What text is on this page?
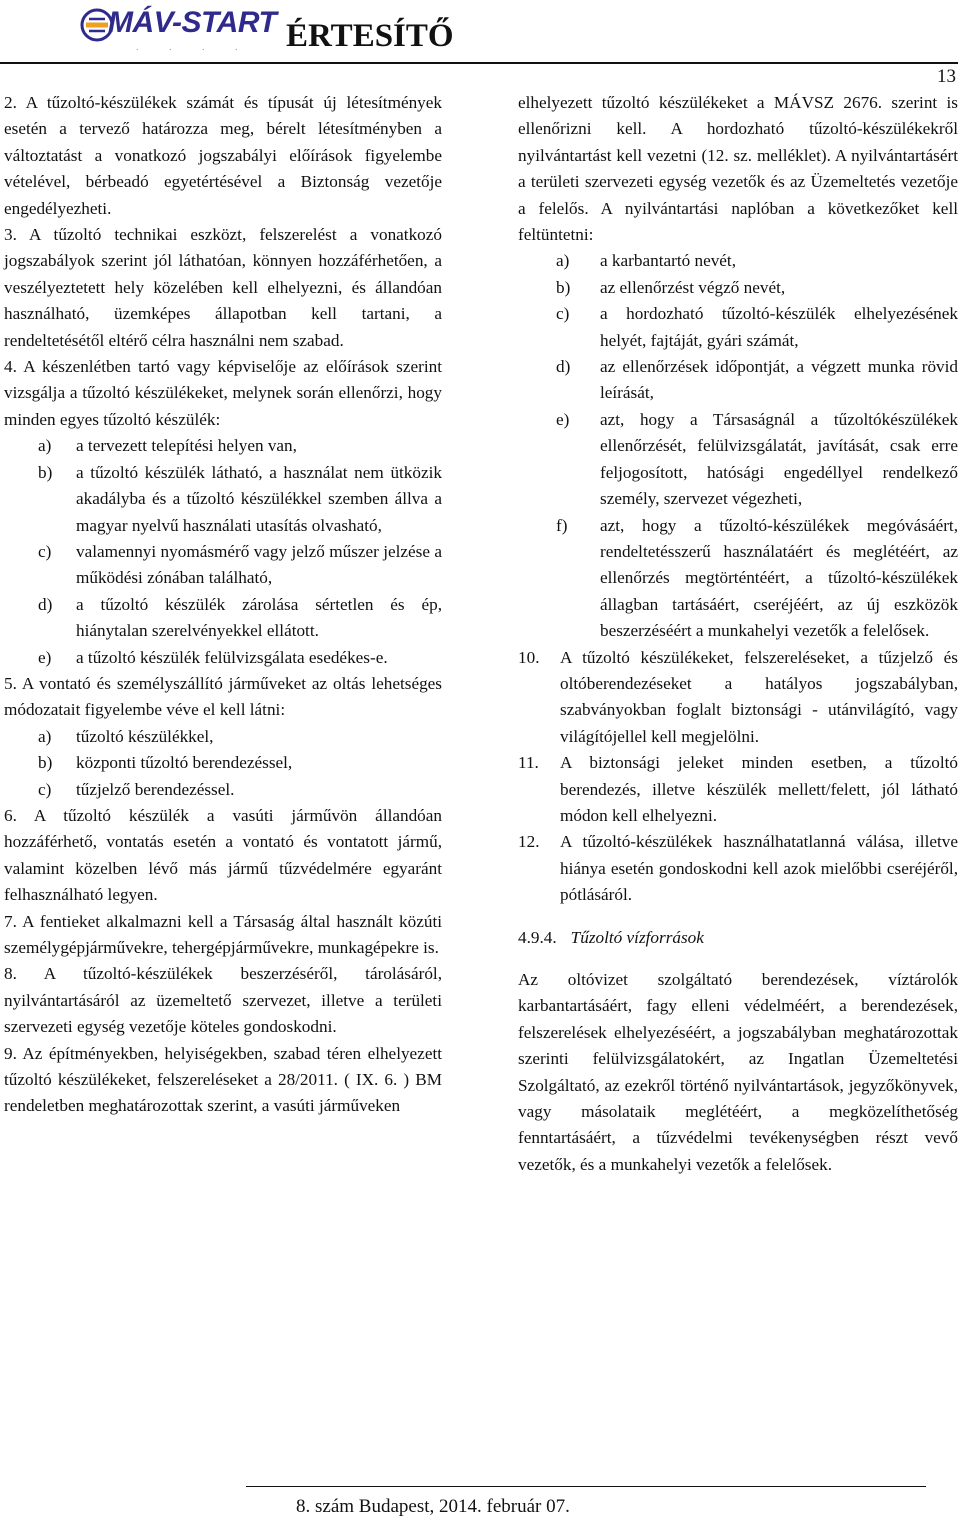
MÁV-START
. . . . ÉRTESÍTŐ
13

2. A tűzoltó-készülékek számát és típusát új létesítmények esetén a tervező határozza meg, bérelt létesítményben a változtatást a vonatkozó jogszabályi előírások figyelembe vételével, bérbeadó egyetértésével a Biztonság vezetője engedélyezheti.

3. A tűzoltó technikai eszközt, felszerelést a vonatkozó jogszabályok szerint jól láthatóan, könnyen hozzáférhetően, a veszélyeztetett hely közelében kell elhelyezni, és állandóan használható, üzemképes állapotban kell tartani, a rendeltetésétől eltérő célra használni nem szabad.

4. A készenlétben tartó vagy képviselője az előírások szerint vizsgálja a tűzoltó készülékeket, melynek során ellenőrzi, hogy minden egyes tűzoltó készülék:

a)	a tervezett telepítési helyen van,
b)	a tűzoltó készülék látható, a használat nem ütközik akadályba és a tűzoltó készülékkel szemben állva a magyar nyelvű használati utasítás olvasható,
c)	valamennyi nyomásmérő vagy jelző műszer jelzése a működési zónában található,
d)	a tűzoltó készülék zárolása sértetlen és ép, hiánytalan szerelvényekkel ellátott.
e)	a tűzoltó készülék felülvizsgálata esedékes-e.

5. A vontató és személyszállító járműveket az oltás lehetséges módozatait figyelembe véve el kell látni:

a)	tűzoltó készülékkel,
b)	központi tűzoltó berendezéssel,
c)	tűzjelző berendezéssel.

6. A tűzoltó készülék a vasúti járművön állandóan hozzáférhető, vontatás esetén a vontató és vontatott jármű, valamint közelben lévő más jármű tűzvédelmére egyaránt felhasználható legyen.

7. A fentieket alkalmazni kell a Társaság által használt közúti személygépjárművekre, tehergépjárművekre, munkagépekre is.

8. A tűzoltó-készülékek beszerzéséről, tárolásáról, nyilvántartásáról az üzemeltető szervezet, illetve a területi szervezeti egység vezetője köteles gondoskodni.

9. Az építményekben, helyiségekben, szabad téren elhelyezett tűzoltó készülékeket, felszereléseket a 28/2011. ( IX. 6. ) BM rendeletben meghatározottak szerint, a vasúti járműveken

elhelyezett tűzoltó készülékeket a MÁVSZ 2676. szerint is ellenőrizni kell. A hordozható tűzoltó-készülékekről nyilvántartást kell vezetni (12. sz. melléklet). A nyilvántartásért a területi szervezeti egység vezetők és az Üzemeltetés vezetője a felelős. A nyilvántartási naplóban a következőket kell feltüntetni:

a)	a karbantartó nevét,
b)	az ellenőrzést végző nevét,
c)	a hordozható tűzoltó-készülék elhelyezésének helyét, fajtáját, gyári számát,
d)	az ellenőrzések időpontját, a végzett munka rövid leírását,
e)	azt, hogy a Társaságnál a tűzoltókészülékek ellenőrzését, felülvizsgálatát, javítását, csak erre feljogosított, hatósági engedéllyel rendelkező személy, szervezet végezheti,
f)	azt, hogy a tűzoltó-készülékek megóvásáért, rendeltetésszerű használatáért és meglétéért, az ellenőrzés megtörténtéért, a tűzoltó-készülékek állagban tartásáért, cseréjéért, az új eszközök beszerzéséért a munkahelyi vezetők a felelősek.
10.	A tűzoltó készülékeket, felszereléseket, a tűzjelző és oltóberendezéseket a hatályos jogszabályban, szabványokban foglalt biztonsági - utánvilágító, vagy világítójellel kell megjelölni.
11.	A biztonsági jeleket minden esetben, a tűzoltó berendezés, illetve készülék mellett/felett, jól látható módon kell elhelyezni.
12.	A tűzoltó-készülékek használhatatlanná válása, illetve hiánya esetén gondoskodni kell azok mielőbbi cseréjéről, pótlásáról.
4.9.4. Tűzoltó vízforrások

Az oltóvizet szolgáltató berendezések, víztárolók karbantartásáért, fagy elleni védelméért, a berendezések, felszerelések elhelyezéséért, a jogszabályban meghatározottak szerinti felülvizsgálatokért, az Ingatlan Üzemeltetési Szolgáltató, az ezekről történő nyilvántartások, jegyzőkönyvek, vagy másolataik meglétéért, a megközelíthetőség fenntartásáért, a tűzvédelmi tevékenységben részt vevő vezetők, és a munkahelyi vezetők a felelősek.

8. szám Budapest, 2014. február 07.
